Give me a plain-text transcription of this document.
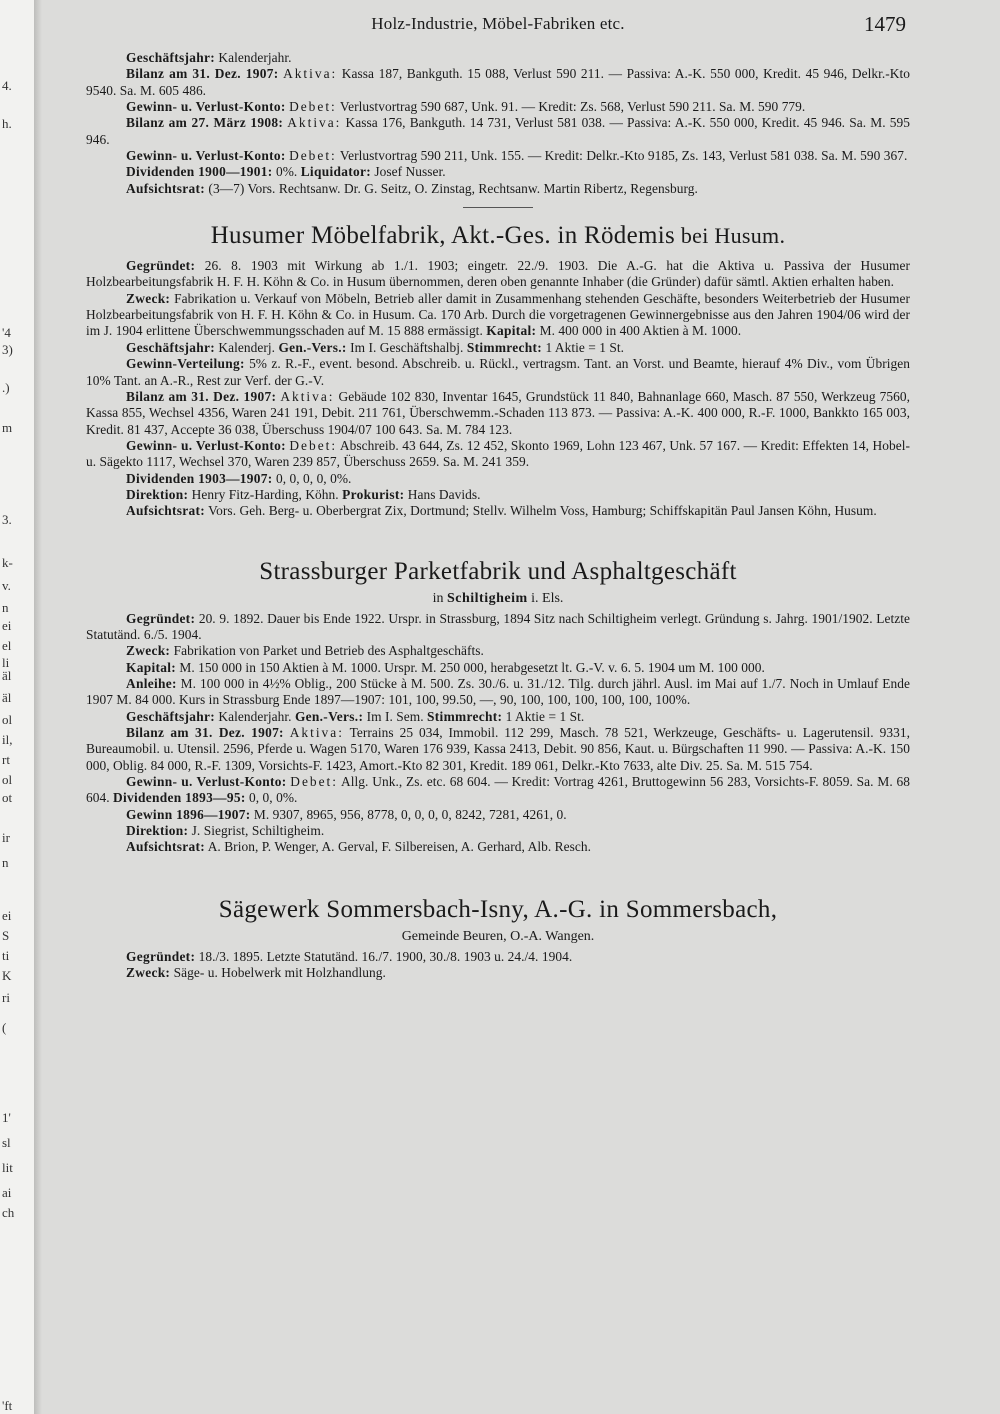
4.
h.
'4
3)
.)
m
3.
k-
v.
n
ei
el
li
äl
äl
ol
il,
rt
ol
ot
ir
n
ei
S
ti
K
ri
(
1'
sl
lit
ai
ch
'ft
Holz-Industrie, Möbel-Fabriken etc.	1479

Geschäftsjahr: Kalenderjahr.

Bilanz am 31. Dez. 1907: Aktiva: Kassa 187, Bankguth. 15 088, Verlust 590 211. — Passiva: A.-K. 550 000, Kredit. 45 946, Delkr.-Kto 9540. Sa. M. 605 486.

Gewinn- u. Verlust-Konto: Debet: Verlustvortrag 590 687, Unk. 91. — Kredit: Zs. 568, Verlust 590 211. Sa. M. 590 779.

Bilanz am 27. März 1908: Aktiva: Kassa 176, Bankguth. 14 731, Verlust 581 038. — Passiva: A.-K. 550 000, Kredit. 45 946. Sa. M. 595 946.

Gewinn- u. Verlust-Konto: Debet: Verlustvortrag 590 211, Unk. 155. — Kredit: Delkr.-Kto 9185, Zs. 143, Verlust 581 038. Sa. M. 590 367.

Dividenden 1900—1901: 0%. Liquidator: Josef Nusser.

Aufsichtsrat: (3—7) Vors. Rechtsanw. Dr. G. Seitz, O. Zinstag, Rechtsanw. Martin Ribertz, Regensburg.

Husumer Möbelfabrik, Akt.-Ges. in Rödemis bei Husum.

Gegründet: 26. 8. 1903 mit Wirkung ab 1./1. 1903; eingetr. 22./9. 1903. Die A.-G. hat die Aktiva u. Passiva der Husumer Holzbearbeitungsfabrik H. F. H. Köhn & Co. in Husum übernommen, deren oben genannte Inhaber (die Gründer) dafür sämtl. Aktien erhalten haben.

Zweck: Fabrikation u. Verkauf von Möbeln, Betrieb aller damit in Zusammenhang stehenden Geschäfte, besonders Weiterbetrieb der Husumer Holzbearbeitungsfabrik von H. F. H. Köhn & Co. in Husum. Ca. 170 Arb. Durch die vorgetragenen Gewinnergebnisse aus den Jahren 1904/06 wird der im J. 1904 erlittene Überschwemmungsschaden auf M. 15 888 ermässigt. Kapital: M. 400 000 in 400 Aktien à M. 1000.

Geschäftsjahr: Kalenderj. Gen.-Vers.: Im I. Geschäftshalbj. Stimmrecht: 1 Aktie = 1 St.

Gewinn-Verteilung: 5% z. R.-F., event. besond. Abschreib. u. Rückl., vertragsm. Tant. an Vorst. und Beamte, hierauf 4% Div., vom Übrigen 10% Tant. an A.-R., Rest zur Verf. der G.-V.

Bilanz am 31. Dez. 1907: Aktiva: Gebäude 102 830, Inventar 1645, Grundstück 11 840, Bahnanlage 660, Masch. 87 550, Werkzeug 7560, Kassa 855, Wechsel 4356, Waren 241 191, Debit. 211 761, Überschwemm.-Schaden 113 873. — Passiva: A.-K. 400 000, R.-F. 1000, Bankkto 165 003, Kredit. 81 437, Accepte 36 038, Überschuss 1904/07 100 643. Sa. M. 784 123.

Gewinn- u. Verlust-Konto: Debet: Abschreib. 43 644, Zs. 12 452, Skonto 1969, Lohn 123 467, Unk. 57 167. — Kredit: Effekten 14, Hobel- u. Sägekto 1117, Wechsel 370, Waren 239 857, Überschuss 2659. Sa. M. 241 359.

Dividenden 1903—1907: 0, 0, 0, 0, 0%.

Direktion: Henry Fitz-Harding, Köhn. Prokurist: Hans Davids.

Aufsichtsrat: Vors. Geh. Berg- u. Oberbergrat Zix, Dortmund; Stellv. Wilhelm Voss, Hamburg; Schiffskapitän Paul Jansen Köhn, Husum.

Strassburger Parketfabrik und Asphaltgeschäft
in Schiltigheim i. Els.

Gegründet: 20. 9. 1892. Dauer bis Ende 1922. Urspr. in Strassburg, 1894 Sitz nach Schiltigheim verlegt. Gründung s. Jahrg. 1901/1902. Letzte Statutänd. 6./5. 1904.

Zweck: Fabrikation von Parket und Betrieb des Asphaltgeschäfts.

Kapital: M. 150 000 in 150 Aktien à M. 1000. Urspr. M. 250 000, herabgesetzt lt. G.-V. v. 6. 5. 1904 um M. 100 000.

Anleihe: M. 100 000 in 4½% Oblig., 200 Stücke à M. 500. Zs. 30./6. u. 31./12. Tilg. durch jährl. Ausl. im Mai auf 1./7. Noch in Umlauf Ende 1907 M. 84 000. Kurs in Strassburg Ende 1897—1907: 101, 100, 99.50, —, 90, 100, 100, 100, 100, 100, 100%.

Geschäftsjahr: Kalenderjahr. Gen.-Vers.: Im I. Sem. Stimmrecht: 1 Aktie = 1 St.

Bilanz am 31. Dez. 1907: Aktiva: Terrains 25 034, Immobil. 112 299, Masch. 78 521, Werkzeuge, Geschäfts- u. Lagerutensil. 9331, Bureaumobil. u. Utensil. 2596, Pferde u. Wagen 5170, Waren 176 939, Kassa 2413, Debit. 90 856, Kaut. u. Bürgschaften 11 990. — Passiva: A.-K. 150 000, Oblig. 84 000, R.-F. 1309, Vorsichts-F. 1423, Amort.-Kto 82 301, Kredit. 189 061, Delkr.-Kto 7633, alte Div. 25. Sa. M. 515 754.

Gewinn- u. Verlust-Konto: Debet: Allg. Unk., Zs. etc. 68 604. — Kredit: Vortrag 4261, Bruttogewinn 56 283, Vorsichts-F. 8059. Sa. M. 68 604. Dividenden 1893—95: 0, 0, 0%.

Gewinn 1896—1907: M. 9307, 8965, 956, 8778, 0, 0, 0, 0, 8242, 7281, 4261, 0.

Direktion: J. Siegrist, Schiltigheim.

Aufsichtsrat: A. Brion, P. Wenger, A. Gerval, F. Silbereisen, A. Gerhard, Alb. Resch.

Sägewerk Sommersbach-Isny, A.-G. in Sommersbach,
Gemeinde Beuren, O.-A. Wangen.

Gegründet: 18./3. 1895. Letzte Statutänd. 16./7. 1900, 30./8. 1903 u. 24./4. 1904.

Zweck: Säge- u. Hobelwerk mit Holzhandlung.
